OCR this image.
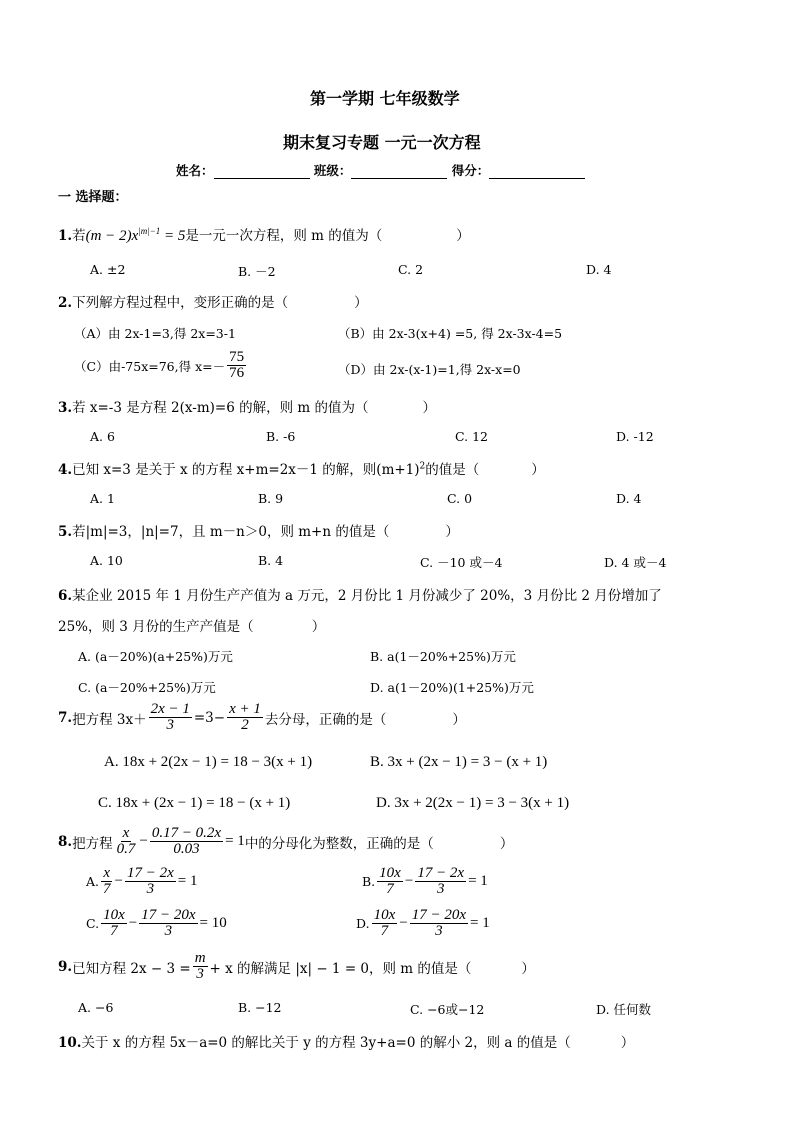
第一学期 七年级数学
期末复习专题 一元一次方程
姓名：	班级：	得分：
一 选择题：
1.若$(m - 2)x^{|m|-1} = 5$是一元一次方程，则 m 的值为（	）
A. ±2	B. －2	C. 2	D. 4
2.下列解方程过程中，变形正确的是（	）
（A）由 2x-1=3,得 2x=3-1	（B）由 2x-3(x+4) =5, 得 2x-3x-4=5
（C）由-75x=76,得 $x=- \frac{75}{76}$	（D）由 2x-(x-1)=1,得 2x-x=0
3.若 x=-3 是方程 2(x-m)=6 的解，则 m 的值为（	）
A. 6	B. -6	C. 12	D. -12
4.已知 x=3 是关于 x 的方程 x+m=2x－1 的解，则$(m+1)^2$的值是（	）
A. 1	B. 9	C. 0	D. 4
5.若|m|=3，|n|=7，且 m－n＞0，则 m+n 的值是（	）
A. 10	B. 4	C. －10 或－4	D. 4 或－4
6.某企业 2015 年 1 月份生产产值为 a 万元，2 月份比 1 月份减少了 20%，3 月份比 2 月份增加了
25%，则 3 月份的生产产值是（	）
A. (a－20%)(a+25%)万元	B. a(1－20%+25%)万元
C. (a－20%+25%)万元	D. a(1－20%)(1+25%)万元
7. 把方程 $3x+ \frac{2x - 1}{3} =3- \frac{x + 1}{2}$ 去分母，正确的是（	）
A. 18x + 2(2x − 1) = 18 − 3(x + 1)	B. 3x + (2x − 1) = 3 − (x + 1)
C. 18x + (2x − 1) = 18 − (x + 1)	D. 3x + 2(2x − 1) = 3 − 3(x + 1)
8. 把方程 $\frac{x}{0.7} - \frac{0.17 - 0.2x}{0.03} = 1$ 中的分母化为整数，正确的是（	）
A. $\frac{x}{7} - \frac{17 - 2x}{3} = 1$	B. $\frac{10x}{7} - \frac{17 - 2x}{3} = 1$
C. $\frac{10x}{7} - \frac{17 - 20x}{3} = 10$	D. $\frac{10x}{7} - \frac{17 - 20x}{3} = 1$
9. 已知方程 $2x - 3 = \frac{m}{3} + x$ 的解满足 |x| − 1 = 0，则 m 的值是（	）
A. −6	B. −12	C. −6或−12	D. 任何数
10.关于 x 的方程 5x－a=0 的解比关于 y 的方程 3y+a=0 的解小 2，则 a 的值是（	）
